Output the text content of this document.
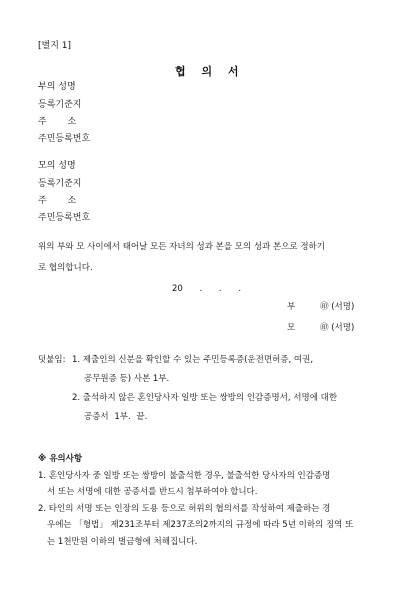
[별지 1]
협 의 서
부의 성명
등록기준지
주 소
주민등록번호
모의 성명
등록기준지
주 소
주민등록번호
위의 부와 모 사이에서 태어날 모든 자녀의 성과 본을 모의 성과 본으로 정하기
로 협의합니다.
20 . . .
부	㊞ (서명)
모	㊞ (서명)
덧붙임: 1. 제출인의 신분을 확인할 수 있는 주민등록증(운전면허증, 여권,
공무원증 등) 사본 1부.
2. 출석하지 않은 혼인당사자 일방 또는 쌍방의 인감증명서, 서명에 대한
공증서 1부. 끝.
※ 유의사항
1. 혼인당사자 중 일방 또는 쌍방이 불출석한 경우, 불출석한 당사자의 인감증명
서 또는 서명에 대한 공증서를 반드시 첨부하여야 합니다.
2. 타인의 서명 또는 인장의 도용 등으로 허위의 협의서를 작성하여 제출하는 경
우에는 「형법」 제231조부터 제237조의2까지의 규정에 따라 5년 이하의 징역 또
는 1천만원 이하의 벌금형에 처해집니다.
